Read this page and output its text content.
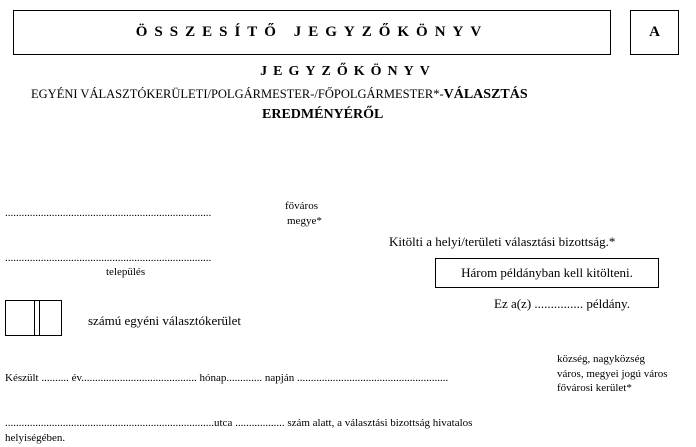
ÖSSZESÍTŐ JEGYZŐKÖNYV	A
JEGYZŐKÖNYV
EGYÉNI VÁLASZTÓKERÜLETI/POLGÁRMESTER-/FŐPOLGÁRMESTER*-VÁLASZTÁS
EREDMÉNYÉRŐL
...........................................................................
főváros
megye*
...........................................................................
település
Kitölti a helyi/területi választási bizottság.*
Három példányban kell kitölteni.
Ez a(z) ............... példány.
számú egyéni választókerület
község, nagyközség
város, megyei jogú város
fővárosi kerület*
Készült .......... év.......................................... hónap............. napján .......................................................
............................................................................utca .................. szám alatt, a választási bizottság hivatalos
helyiségében.
